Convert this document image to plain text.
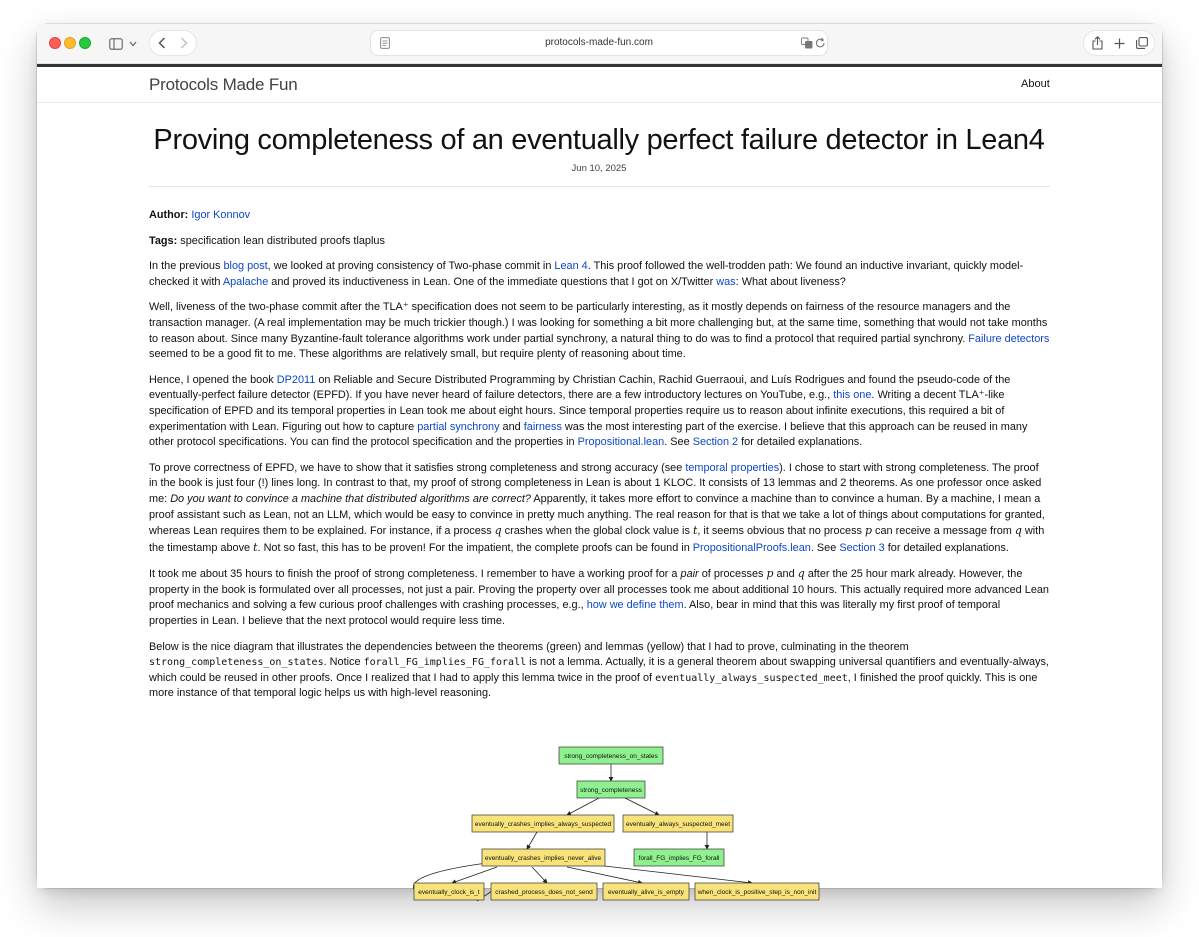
protocols-made-fun.com
Protocols Made Fun	About
Proving completeness of an eventually perfect failure detector in Lean4
Jun 10, 2025

Author: Igor Konnov

Tags: specification lean distributed proofs tlaplus

In the previous blog post, we looked at proving consistency of Two-phase commit in Lean 4. This proof followed the well-trodden path: We found an inductive invariant, quickly model-checked it with Apalache and proved its inductiveness in Lean. One of the immediate questions that I got on X/Twitter was: What about liveness?

Well, liveness of the two-phase commit after the TLA⁺ specification does not seem to be particularly interesting, as it mostly depends on fairness of the resource managers and the transaction manager. (A real implementation may be much trickier though.) I was looking for something a bit more challenging but, at the same time, something that would not take months to reason about. Since many Byzantine-fault tolerance algorithms work under partial synchrony, a natural thing to do was to find a protocol that required partial synchrony. Failure detectors seemed to be a good fit to me. These algorithms are relatively small, but require plenty of reasoning about time.

Hence, I opened the book DP2011 on Reliable and Secure Distributed Programming by Christian Cachin, Rachid Guerraoui, and Luís Rodrigues and found the pseudo-code of the eventually-perfect failure detector (EPFD). If you have never heard of failure detectors, there are a few introductory lectures on YouTube, e.g., this one. Writing a decent TLA⁺-like specification of EPFD and its temporal properties in Lean took me about eight hours. Since temporal properties require us to reason about infinite executions, this required a bit of experimentation with Lean. Figuring out how to capture partial synchrony and fairness was the most interesting part of the exercise. I believe that this approach can be reused in many other protocol specifications. You can find the protocol specification and the properties in Propositional.lean. See Section 2 for detailed explanations.

To prove correctness of EPFD, we have to show that it satisfies strong completeness and strong accuracy (see temporal properties). I chose to start with strong completeness. The proof in the book is just four (!) lines long. In contrast to that, my proof of strong completeness in Lean is about 1 KLOC. It consists of 13 lemmas and 2 theorems. As one professor once asked me: Do you want to convince a machine that distributed algorithms are correct? Apparently, it takes more effort to convince a machine than to convince a human. By a machine, I mean a proof assistant such as Lean, not an LLM, which would be easy to convince in pretty much anything. The real reason for that is that we take a lot of things about computations for granted, whereas Lean requires them to be explained. For instance, if a process q crashes when the global clock value is t, it seems obvious that no process p can receive a message from q with the timestamp above t. Not so fast, this has to be proven! For the impatient, the complete proofs can be found in PropositionalProofs.lean. See Section 3 for detailed explanations.

It took me about 35 hours to finish the proof of strong completeness. I remember to have a working proof for a pair of processes p and q after the 25 hour mark already. However, the property in the book is formulated over all processes, not just a pair. Proving the property over all processes took me about additional 10 hours. This actually required more advanced Lean proof mechanics and solving a few curious proof challenges with crashing processes, e.g., how we define them. Also, bear in mind that this was literally my first proof of temporal properties in Lean. I believe that the next protocol would require less time.

Below is the nice diagram that illustrates the dependencies between the theorems (green) and lemmas (yellow) that I had to prove, culminating in the theorem strong_completeness_on_states. Notice forall_FG_implies_FG_forall is not a lemma. Actually, it is a general theorem about swapping universal quantifiers and eventually-always, which could be reused in other proofs. Once I realized that I had to apply this lemma twice in the proof of eventually_always_suspected_meet, I finished the proof quickly. This is one more instance of that temporal logic helps us with high-level reasoning.

strong_completeness_on_states
strong_completeness
eventually_crashes_implies_always_suspected eventually_always_suspected_meet
eventually_crashes_implies_never_alive	forall_FG_implies_FG_forall
eventually_clock_is_t crashed_process_does_not_send eventually_alive_is_empty when_clock_is_positive_step_is_non_init
